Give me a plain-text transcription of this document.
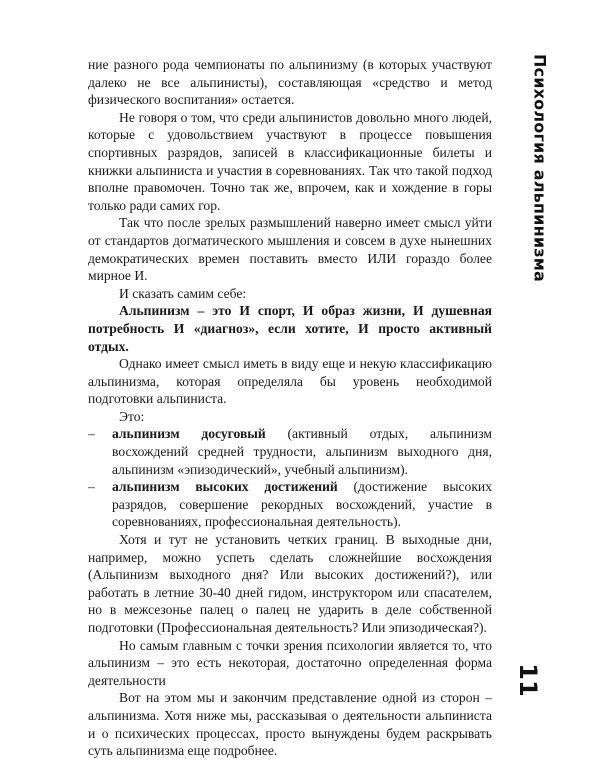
Психология альпинизма

ние разного рода чемпионаты по альпинизму (в которых участвуют далеко не все альпинисты), составляющая «средство и метод физического воспитания» остается.

Не говоря о том, что среди альпинистов довольно много людей, которые с удовольствием участвуют в процессе повышения спортивных разрядов, записей в классификационные билеты и книжки альпиниста и участия в соревнованиях. Так что такой подход вполне правомочен. Точно так же, впрочем, как и хождение в горы только ради самих гор.

Так что после зрелых размышлений наверно имеет смысл уйти от стандартов догматического мышления и совсем в духе нынешних демократических времен поставить вместо ИЛИ гораздо более мирное И.

И сказать самим себе:

Альпинизм – это И спорт, И образ жизни, И душевная потребность И «диагноз», если хотите, И просто активный отдых.

Однако имеет смысл иметь в виду еще и некую классификацию альпинизма, которая определяла бы уровень необходимой подготовки альпиниста.

Это:

– альпинизм досуговый (активный отдых, альпинизм восхождений средней трудности, альпинизм выходного дня, альпинизм «эпизодический», учебный альпинизм).
– альпинизм высоких достижений (достижение высоких разрядов, совершение рекордных восхождений, участие в соревнованиях, профессиональная деятельность).

Хотя и тут не установить четких границ. В выходные дни, например, можно успеть сделать сложнейшие восхождения (Альпинизм выходного дня? Или высоких достижений?), или работать в летние 30-40 дней гидом, инструктором или спасателем, но в межсезонье палец о палец не ударить в деле собственной подготовки (Профессиональная деятельность? Или эпизодическая?).

Но самым главным с точки зрения психологии является то, что альпинизм – это есть некоторая, достаточно определенная форма деятельности

Вот на этом мы и закончим представление одной из сторон – альпинизма. Хотя ниже мы, рассказывая о деятельности альпиниста и о психических процессах, просто вынуждены будем раскрывать суть альпинизма еще подробнее.

11
